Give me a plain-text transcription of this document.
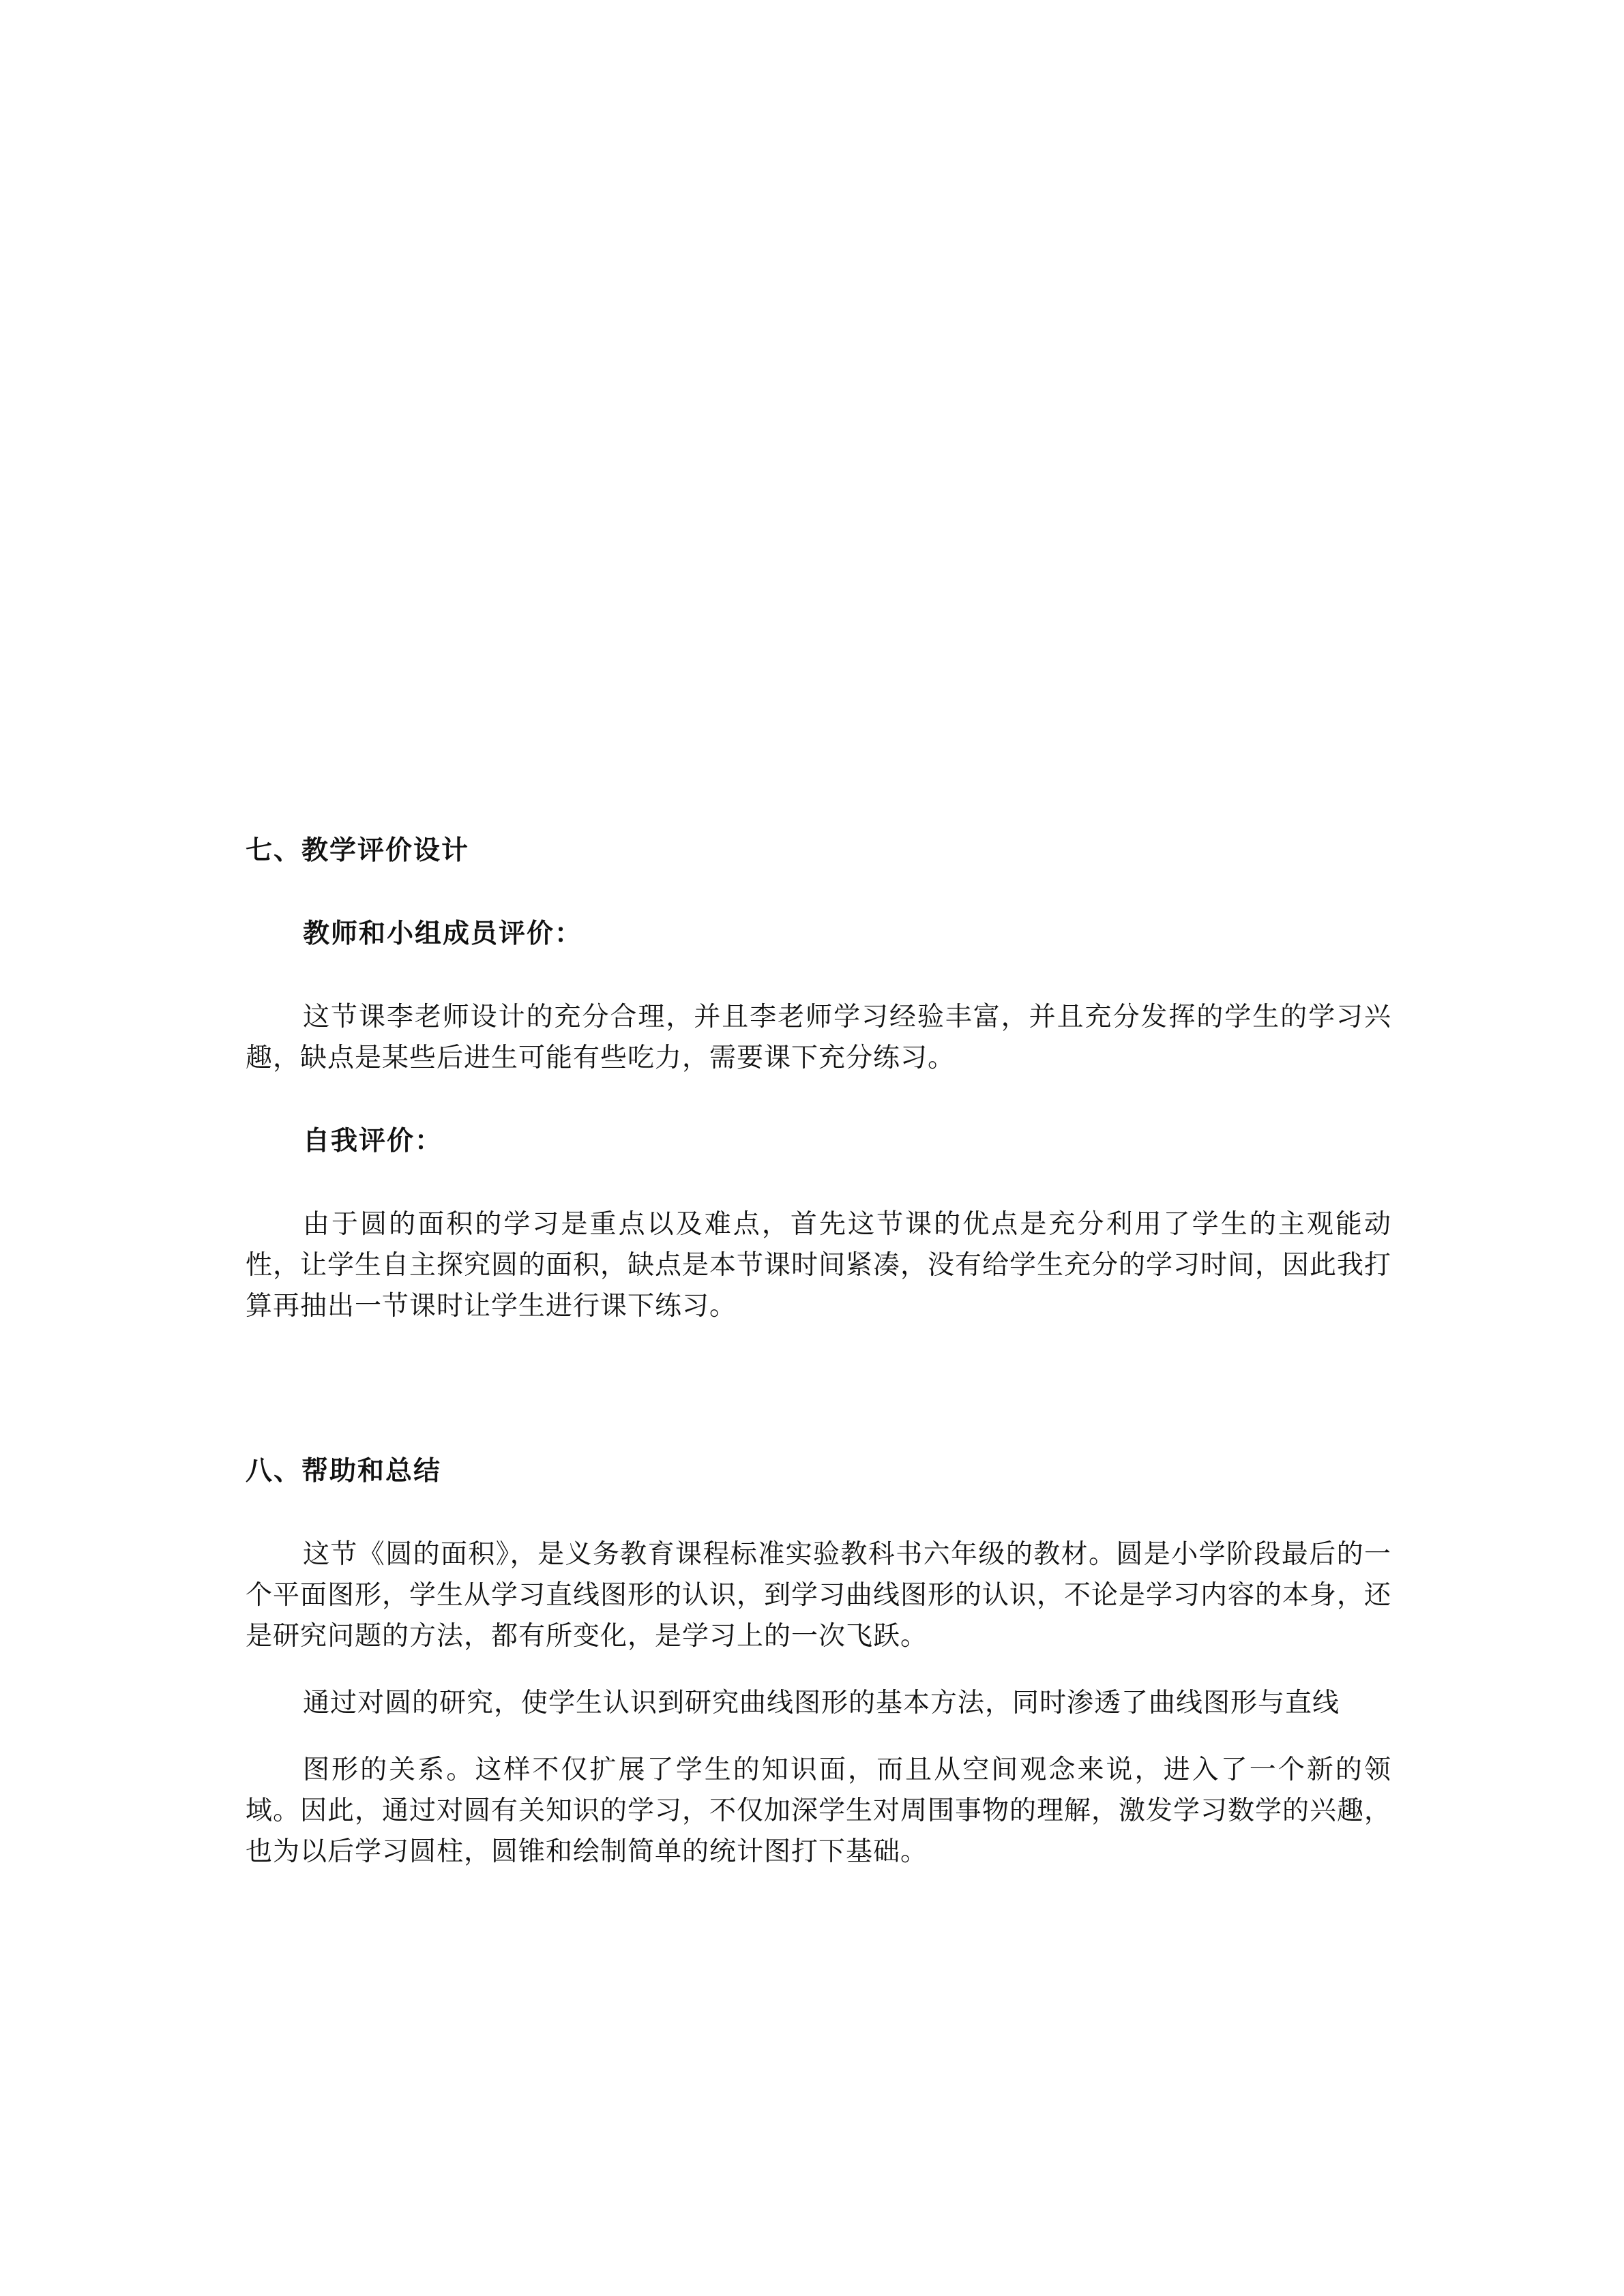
七、教学评价设计
教师和小组成员评价：

这节课李老师设计的充分合理，并且李老师学习经验丰富，并且充分发挥的学生的学习兴趣，缺点是某些后进生可能有些吃力，需要课下充分练习。

自我评价：

由于圆的面积的学习是重点以及难点，首先这节课的优点是充分利用了学生的主观能动性，让学生自主探究圆的面积，缺点是本节课时间紧凑，没有给学生充分的学习时间，因此我打算再抽出一节课时让学生进行课下练习。

八、帮助和总结

这节《圆的面积》，是义务教育课程标准实验教科书六年级的教材。圆是小学阶段最后的一个平面图形，学生从学习直线图形的认识，到学习曲线图形的认识，不论是学习内容的本身，还是研究问题的方法，都有所变化，是学习上的一次飞跃。

通过对圆的研究，使学生认识到研究曲线图形的基本方法，同时渗透了曲线图形与直线

图形的关系。这样不仅扩展了学生的知识面，而且从空间观念来说，进入了一个新的领域。因此，通过对圆有关知识的学习，不仅加深学生对周围事物的理解，激发学习数学的兴趣，也为以后学习圆柱，圆锥和绘制简单的统计图打下基础。
